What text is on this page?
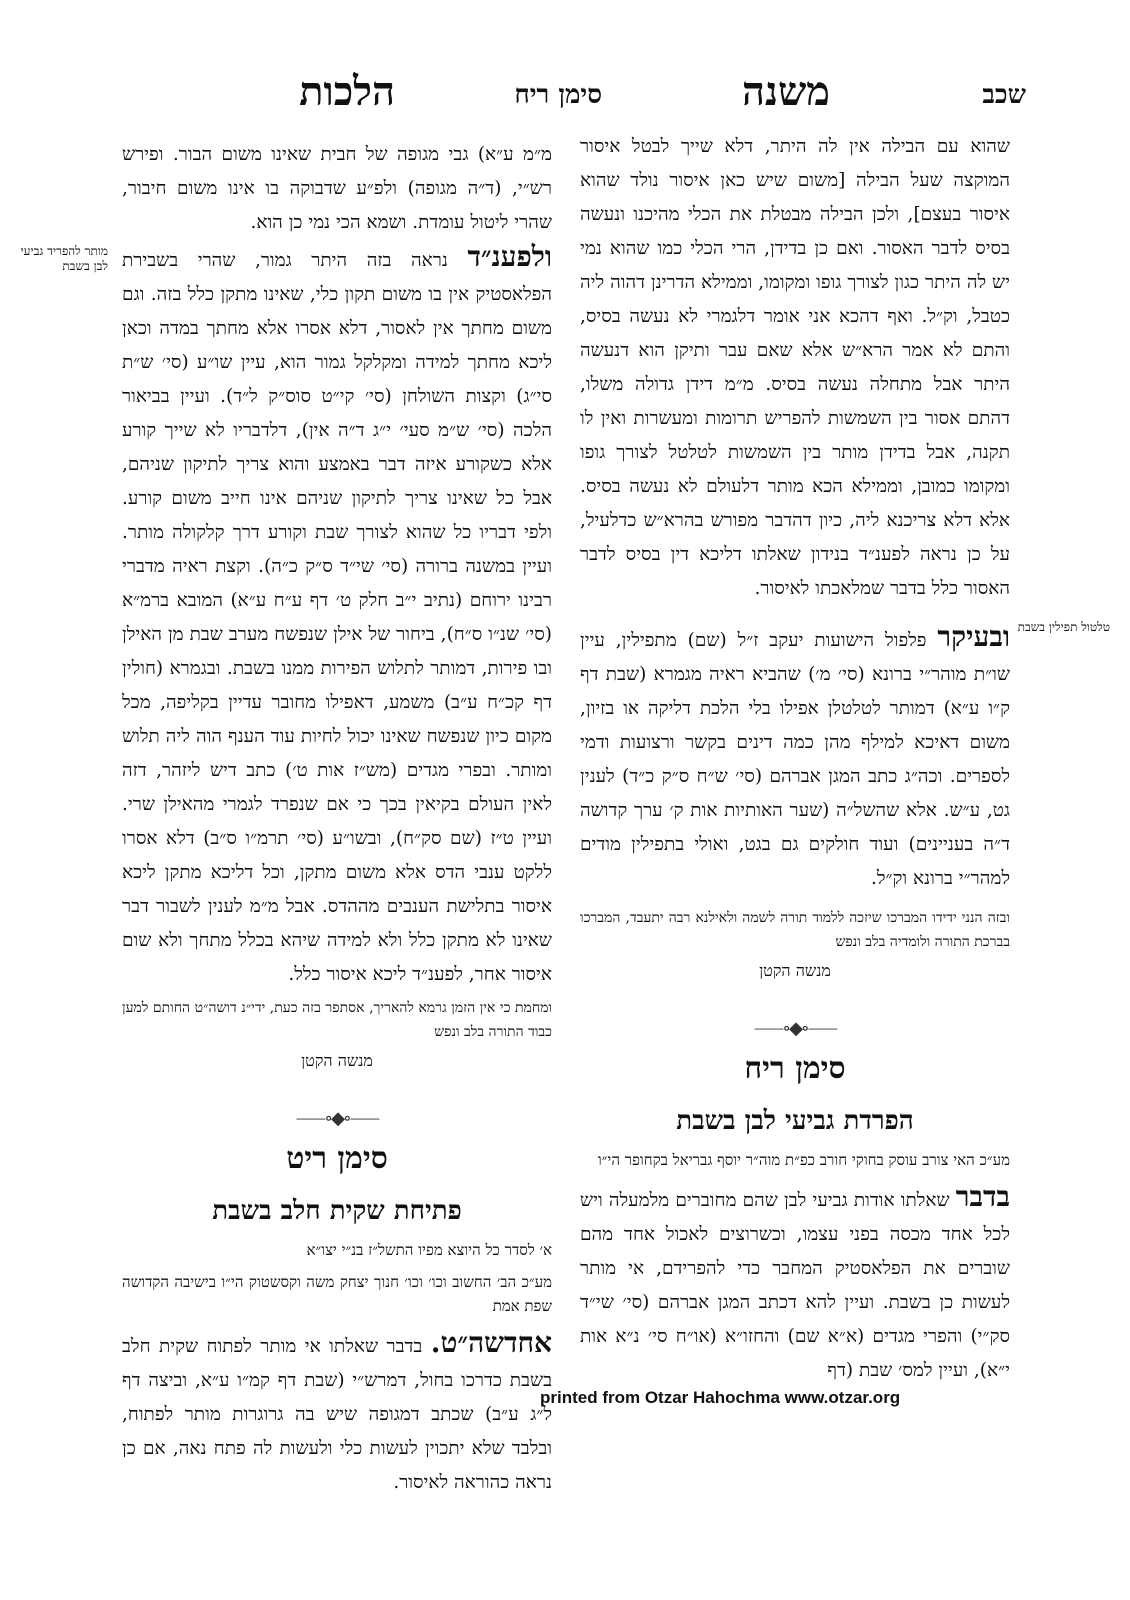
שכב
משנה
סימן ריח
הלכות
מותר להפריד גביעי לבן בשבת
טלטול תפילין בשבת

שהוא עם הבילה אין לה היתר, דלא שייך לבטל איסור המוקצה שעל הבילה [משום שיש כאן איסור נולד שהוא איסור בעצם], ולכן הבילה מבטלת את הכלי מהיכנו ונעשה בסיס לדבר האסור. ואם כן בדידן, הרי הכלי כמו שהוא נמי יש לה היתר כגון לצורך גופו ומקומו, וממילא הדרינן דהוה ליה כטבל, וק״ל. ואף דהכא אני אומר דלגמרי לא נעשה בסיס, והתם לא אמר הרא״ש אלא שאם עבר ותיקן הוא דנעשה היתר אבל מתחלה נעשה בסיס. מ״מ דידן גדולה משלו, דהתם אסור בין השמשות להפריש תרומות ומעשרות ואין לו תקנה, אבל בדידן מותר בין השמשות לטלטל לצורך גופו ומקומו כמובן, וממילא הכא מותר דלעולם לא נעשה בסיס. אלא דלא צריכנא ליה, כיון דהדבר מפורש בהרא״ש כדלעיל, על כן נראה לפענ״ד בנידון שאלתו דליכא דין בסיס לדבר האסור כלל בדבר שמלאכתו לאיסור.

ובעיקר פלפול הישועות יעקב ז״ל (שם) מתפילין, עיין שו״ת מוהר״י ברונא (סי׳ מ׳) שהביא ראיה מגמרא (שבת דף ק״ו ע״א) דמותר לטלטלן אפילו בלי הלכת דליקה או בזיון, משום דאיכא למילף מהן כמה דינים בקשר ורצועות ודמי לספרים. וכה״ג כתב המגן אברהם (סי׳ ש״ח ס״ק כ״ד) לענין גט, ע״ש. אלא שהשל״ה (שער האותיות אות ק׳ ערך קדושה ד״ה בעניינים) ועוד חולקים גם בגט, ואולי בתפילין מודים למהר״י ברונא וק״ל.

ובזה הנני ידידו המברכו שיזכה ללמוד תורה לשמה ולאילנא רבה יתעבד, המברכו בברכת התורה ולומדיה בלב ונפש

מנשה הקטן

⸺∘◆∘⸺
סימן ריח
הפרדת גביעי לבן בשבת

מע״כ האי צורב עוסק בחוקי חורב כפ״ת מוה״ר יוסף גבריאל בקחופר הי״ו

בדבר שאלתו אודות גביעי לבן שהם מחוברים מלמעלה ויש לכל אחד מכסה בפני עצמו, וכשרוצים לאכול אחד מהם שוברים את הפלאסטיק המחבר כדי להפרידם, אי מותר לעשות כן בשבת. ועיין להא דכתב המגן אברהם (סי׳ שי״ד סק״י) והפרי מגדים (א״א שם) והחזו״א (או״ח סי׳ נ״א אות י״א), ועיין למס׳ שבת (דף

מ״מ ע״א) גבי מגופה של חבית שאינו משום הבור. ופירש רש״י, (ד״ה מגופה) ולפ״ע שדבוקה בו אינו משום חיבור, שהרי ליטול עומדת. ושמא הכי נמי כן הוא.

ולפענ״ד נראה בזה היתר גמור, שהרי בשבירת הפלאסטיק אין בו משום תקון כלי, שאינו מתקן כלל בזה. וגם משום מחתך אין לאסור, דלא אסרו אלא מחתך במדה וכאן ליכא מחתך למידה ומקלקל גמור הוא, עיין שו״ע (סי׳ ש״ת סי״ג) וקצות השולחן (סי׳ קי״ט סוס״ק ל״ד). ועיין בביאור הלכה (סי׳ ש״מ סעי׳ י״ג ד״ה אין), דלדבריו לא שייך קורע אלא כשקורע איזה דבר באמצע והוא צריך לתיקון שניהם, אבל כל שאינו צריך לתיקון שניהם אינו חייב משום קורע. ולפי דבריו כל שהוא לצורך שבת וקורע דרך קלקולה מותר. ועיין במשנה ברורה (סי׳ שי״ד ס״ק כ״ה). וקצת ראיה מדברי רבינו ירוחם (נתיב י״ב חלק ט׳ דף ע״ח ע״א) המובא ברמ״א (סי׳ שנ״ו ס״ח), ביחור של אילן שנפשח מערב שבת מן האילן ובו פירות, דמותר לתלוש הפירות ממנו בשבת. ובגמרא (חולין דף קכ״ח ע״ב) משמע, דאפילו מחובר עדיין בקליפה, מכל מקום כיון שנפשח שאינו יכול לחיות עוד הענף הוה ליה תלוש ומותר. ובפרי מגדים (מש״ז אות ט׳) כתב דיש ליזהר, דזה לאין העולם בקיאין בכך כי אם שנפרד לגמרי מהאילן שרי. ועיין ט״ז (שם סק״ח), ובשו״ע (סי׳ תרמ״ו ס״ב) דלא אסרו ללקט ענבי הדס אלא משום מתקן, וכל דליכא מתקן ליכא איסור בתלישת הענבים מההדס. אבל מ״מ לענין לשבור דבר שאינו לא מתקן כלל ולא למידה שיהא בכלל מתחך ולא שום איסור אחר, לפענ״ד ליכא איסור כלל.

ומחמת כי אין הזמן גרמא להאריך, אסתפר בזה כעת, ידי״נ דושה״ט החותם למען כבוד התורה בלב ונפש

מנשה הקטן

⸺∘◆∘⸺
סימן ריט
פתיחת שקית חלב בשבת

א׳ לסדר כל היוצא מפיו התשל״ז בנ״י יצו״א

מע״כ הב׳ החשוב וכו׳ וכו׳ חנוך יצחק משה וקסשטוק הי״ו בישיבה הקדושה שפת אמת

אחדשה״ט. בדבר שאלתו אי מותר לפתוח שקית חלב בשבת כדרכו בחול, דמרש״י (שבת דף קמ״ו ע״א, וביצה דף ל״ג ע״ב) שכתב דמגופה שיש בה גרוגרות מותר לפתוח, ובלבד שלא יתכוין לעשות כלי ולעשות לה פתח נאה, אם כן נראה כהוראה לאיסור.

printed from Otzar Hahochma www.otzar.org
